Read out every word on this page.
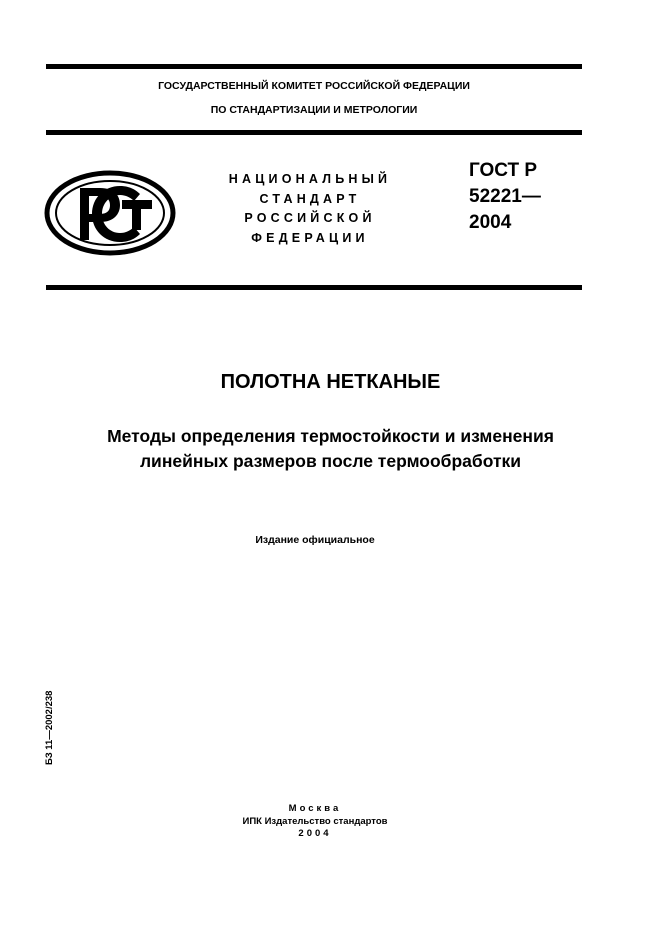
ГОСУДАРСТВЕННЫЙ КОМИТЕТ РОССИЙСКОЙ ФЕДЕРАЦИИ
ПО СТАНДАРТИЗАЦИИ И МЕТРОЛОГИИ
НАЦИОНАЛЬНЫЙ
СТАНДАРТ
РОССИЙСКОЙ
ФЕДЕРАЦИИ
ГОСТ Р
52221—
2004
ПОЛОТНА НЕТКАНЫЕ
Методы определения термостойкости и изменения
линейных размеров после термообработки
Издание официальное
БЗ 11—2002/238
Москва
ИПК Издательство стандартов
2004
